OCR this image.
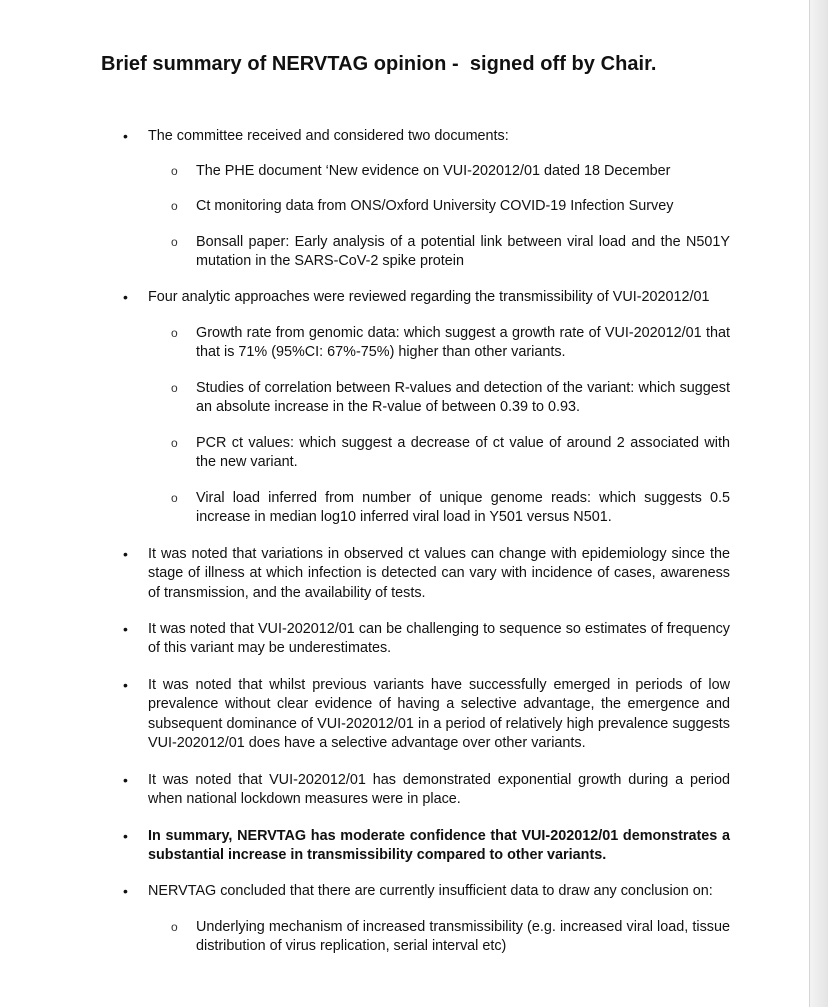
Brief summary of NERVTAG opinion -  signed off by Chair.
• The committee received and considered two documents:
o The PHE document ‘New evidence on VUI-202012/01 dated 18 December
o Ct monitoring data from ONS/Oxford University COVID-19 Infection Survey
o Bonsall paper: Early analysis of a potential link between viral load and the N501Y mutation in the SARS-CoV-2 spike protein
• Four analytic approaches were reviewed regarding the transmissibility of VUI-202012/01
o Growth rate from genomic data: which suggest a growth rate of VUI-202012/01 that that is 71% (95%CI: 67%-75%) higher than other variants.
o Studies of correlation between R-values and detection of the variant: which suggest an absolute increase in the R-value of between 0.39 to 0.93.
o PCR ct values: which suggest a decrease of ct value of around 2 associated with the new variant.
o Viral load inferred from number of unique genome reads: which suggests 0.5 increase in median log10 inferred viral load in Y501 versus N501.
• It was noted that variations in observed ct values can change with epidemiology since the stage of illness at which infection is detected can vary with incidence of cases, awareness of transmission, and the availability of tests.
• It was noted that VUI-202012/01 can be challenging to sequence so estimates of frequency of this variant may be underestimates.
• It was noted that whilst previous variants have successfully emerged in periods of low prevalence without clear evidence of having a selective advantage, the emergence and subsequent dominance of VUI-202012/01 in a period of relatively high prevalence suggests VUI-202012/01 does have a selective advantage over other variants.
• It was noted that VUI-202012/01 has demonstrated exponential growth during a period when national lockdown measures were in place.
• In summary, NERVTAG has moderate confidence that VUI-202012/01 demonstrates a substantial increase in transmissibility compared to other variants.
• NERVTAG concluded that there are currently insufficient data to draw any conclusion on:
o Underlying mechanism of increased transmissibility (e.g. increased viral load, tissue distribution of virus replication, serial interval etc)
